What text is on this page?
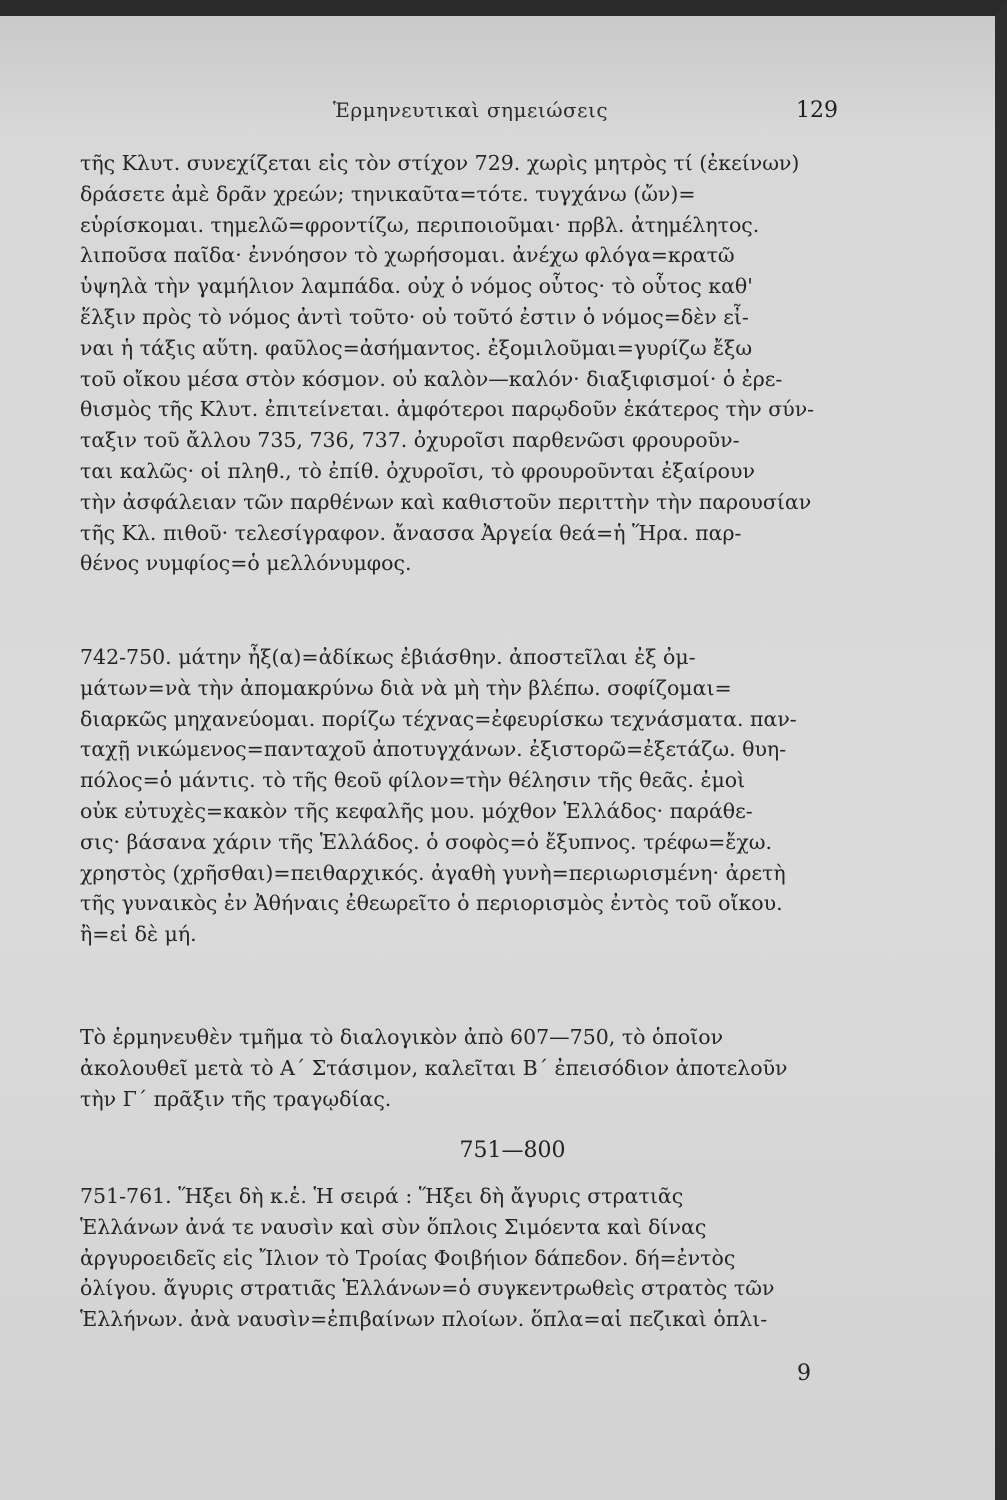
Ἑρμηνευτικαὶ σημειώσεις	129
τῆς Κλυτ. συνεχίζεται εἰς τὸν στίχον 729. χωρὶς μητρὸς τί (ἐκείνων)
δράσετε ἀμὲ δρᾶν χρεών; τηνικαῦτα=τότε. τυγχάνω (ὤν)=
εὑρίσκομαι. τημελῶ=φροντίζω, περιποιοῦμαι· πρβλ. ἀτημέλητος.
λιποῦσα παῖδα· ἐννόησον τὸ χωρήσομαι. ἀνέχω φλόγα=κρατῶ
ὑψηλὰ τὴν γαμήλιον λαμπάδα. οὐχ ὁ νόμος οὗτος· τὸ οὗτος καθ'
ἕλξιν πρὸς τὸ νόμος ἀντὶ τοῦτο· οὐ τοῦτό ἐστιν ὁ νόμος=δὲν εἶ-
ναι ἡ τάξις αὕτη. φαῦλος=ἀσήμαντος. ἐξομιλοῦμαι=γυρίζω ἔξω
τοῦ οἴκου μέσα στὸν κόσμον. οὐ καλὸν—καλόν· διαξιφισμοί· ὁ ἐρε-
θισμὸς τῆς Κλυτ. ἐπιτείνεται. ἀμφότεροι παρῳδοῦν ἑκάτερος τὴν σύν-
ταξιν τοῦ ἄλλου 735, 736, 737. ὀχυροῖσι παρθενῶσι φρουροῦν-
ται καλῶς· οἱ πληθ., τὸ ἐπίθ. ὀχυροῖσι, τὸ φρουροῦνται ἐξαίρουν
τὴν ἀσφάλειαν τῶν παρθένων καὶ καθιστοῦν περιττὴν τὴν παρουσίαν
τῆς Κλ. πιθοῦ· τελεσίγραφον. ἄνασσα Ἀργεία θεά=ἡ Ἥρα. παρ-
θένος νυμφίος=ὁ μελλόνυμφος.
742-750. μάτην ἦξ(α)=ἀδίκως ἐβιάσθην. ἀποστεῖλαι ἐξ ὀμ-
μάτων=νὰ τὴν ἀπομακρύνω διὰ νὰ μὴ τὴν βλέπω. σοφίζομαι=
διαρκῶς μηχανεύομαι. πορίζω τέχνας=ἐφευρίσκω τεχνάσματα. παν-
ταχῇ νικώμενος=πανταχοῦ ἀποτυγχάνων. ἐξιστορῶ=ἐξετάζω. θυη-
πόλος=ὁ μάντις. τὸ τῆς θεοῦ φίλον=τὴν θέλησιν τῆς θεᾶς. ἐμοὶ
οὐκ εὐτυχὲς=κακὸν τῆς κεφαλῆς μου. μόχθον Ἑλλάδος· παράθε-
σις· βάσανα χάριν τῆς Ἑλλάδος. ὁ σοφὸς=ὁ ἔξυπνος. τρέφω=ἔχω.
χρηστὸς (χρῆσθαι)=πειθαρχικός. ἀγαθὴ γυνὴ=περιωρισμένη· ἀρετὴ
τῆς γυναικὸς ἐν Ἀθήναις ἐθεωρεῖτο ὁ περιορισμὸς ἐντὸς τοῦ οἴκου.
ἢ=εἰ δὲ μή.
Τὸ ἑρμηνευθὲν τμῆμα τὸ διαλογικὸν ἀπὸ 607—750, τὸ ὁποῖον
ἀκολουθεῖ μετὰ τὸ Α´ Στάσιμον, καλεῖται Β´ ἐπεισόδιον ἀποτελοῦν
τὴν Γ´ πρᾶξιν τῆς τραγῳδίας.
751—800
751-761. Ἥξει δὴ κ.ἑ. Ἡ σειρά : Ἥξει δὴ ἄγυρις στρατιᾶς
Ἑλλάνων ἀνά τε ναυσὶν καὶ σὺν ὅπλοις Σιμόεντα καὶ δίνας
ἀργυροειδεῖς εἰς Ἴλιον τὸ Τροίας Φοιβήιον δάπεδον. δή=ἐντὸς
ὀλίγου. ἄγυρις στρατιᾶς Ἑλλάνων=ὁ συγκεντρωθεὶς στρατὸς τῶν
Ἑλλήνων. ἀνὰ ναυσὶν=ἐπιβαίνων πλοίων. ὅπλα=αἱ πεζικαὶ ὁπλι-
9
